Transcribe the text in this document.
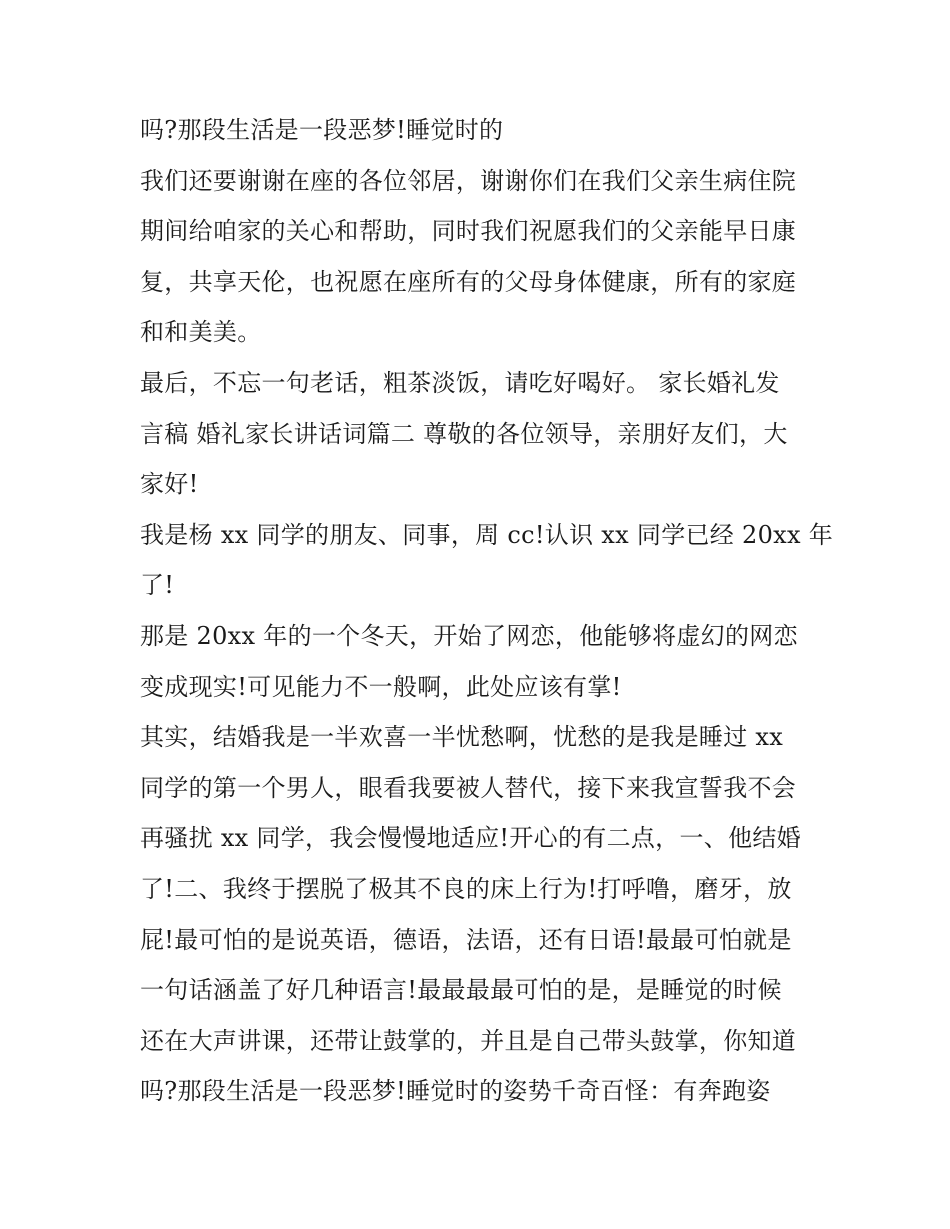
吗?那段生活是一段恶梦!睡觉时的
我们还要谢谢在座的各位邻居，谢谢你们在我们父亲生病住院
期间给咱家的关心和帮助，同时我们祝愿我们的父亲能早日康
复，共享天伦，也祝愿在座所有的父母身体健康，所有的家庭
和和美美。
最后，不忘一句老话，粗茶淡饭，请吃好喝好。 家长婚礼发
言稿 婚礼家长讲话词篇二 尊敬的各位领导，亲朋好友们，大
家好!
我是杨 xx 同学的朋友、同事，周 cc!认识 xx 同学已经 20xx 年
了!
那是 20xx 年的一个冬天，开始了网恋，他能够将虚幻的网恋
变成现实!可见能力不一般啊，此处应该有掌!
其实，结婚我是一半欢喜一半忧愁啊，忧愁的是我是睡过 xx
同学的第一个男人，眼看我要被人替代，接下来我宣誓我不会
再骚扰 xx 同学，我会慢慢地适应!开心的有二点，一、他结婚
了!二、我终于摆脱了极其不良的床上行为!打呼噜，磨牙，放
屁!最可怕的是说英语，德语，法语，还有日语!最最可怕就是
一句话涵盖了好几种语言!最最最最可怕的是，是睡觉的时候
还在大声讲课，还带让鼓掌的，并且是自己带头鼓掌，你知道
吗?那段生活是一段恶梦!睡觉时的姿势千奇百怪：有奔跑姿
